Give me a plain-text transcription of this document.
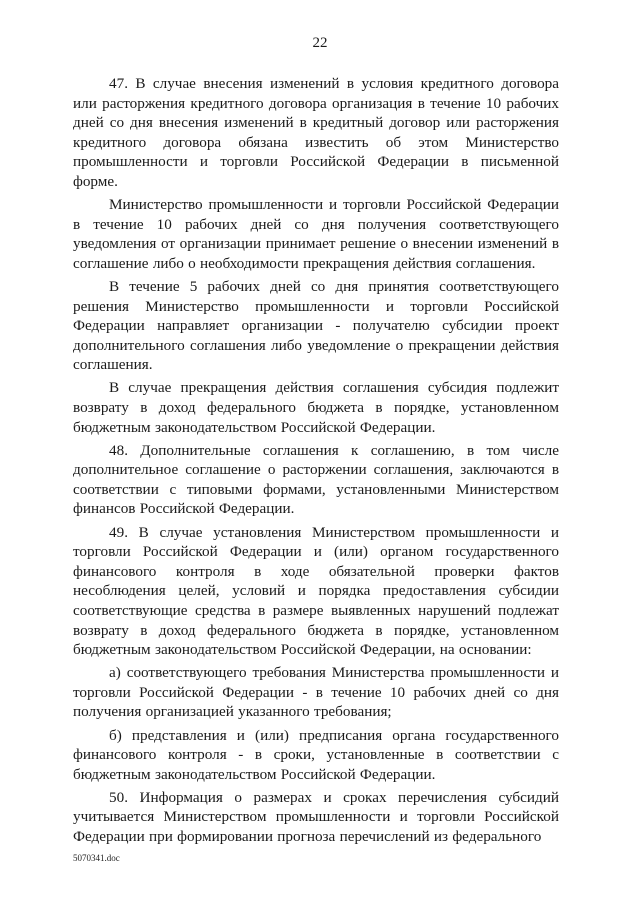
22

47. В случае внесения изменений в условия кредитного договора или расторжения кредитного договора организация в течение 10 рабочих дней со дня внесения изменений в кредитный договор или расторжения кредитного договора обязана известить об этом Министерство промышленности и торговли Российской Федерации в письменной форме.

Министерство промышленности и торговли Российской Федерации в течение 10 рабочих дней со дня получения соответствующего уведомления от организации принимает решение о внесении изменений в соглашение либо о необходимости прекращения действия соглашения.

В течение 5 рабочих дней со дня принятия соответствующего решения Министерство промышленности и торговли Российской Федерации направляет организации - получателю субсидии проект дополнительного соглашения либо уведомление о прекращении действия соглашения.

В случае прекращения действия соглашения субсидия подлежит возврату в доход федерального бюджета в порядке, установленном бюджетным законодательством Российской Федерации.

48. Дополнительные соглашения к соглашению, в том числе дополнительное соглашение о расторжении соглашения, заключаются в соответствии с типовыми формами, установленными Министерством финансов Российской Федерации.

49. В случае установления Министерством промышленности и торговли Российской Федерации и (или) органом государственного финансового контроля в ходе обязательной проверки фактов несоблюдения целей, условий и порядка предоставления субсидии соответствующие средства в размере выявленных нарушений подлежат возврату в доход федерального бюджета в порядке, установленном бюджетным законодательством Российской Федерации, на основании:

а) соответствующего требования Министерства промышленности и торговли Российской Федерации - в течение 10 рабочих дней со дня получения организацией указанного требования;

б) представления и (или) предписания органа государственного финансового контроля - в сроки, установленные в соответствии с бюджетным законодательством Российской Федерации.

50. Информация о размерах и сроках перечисления субсидий учитывается Министерством промышленности и торговли Российской Федерации при формировании прогноза перечислений из федерального

5070341.doc
